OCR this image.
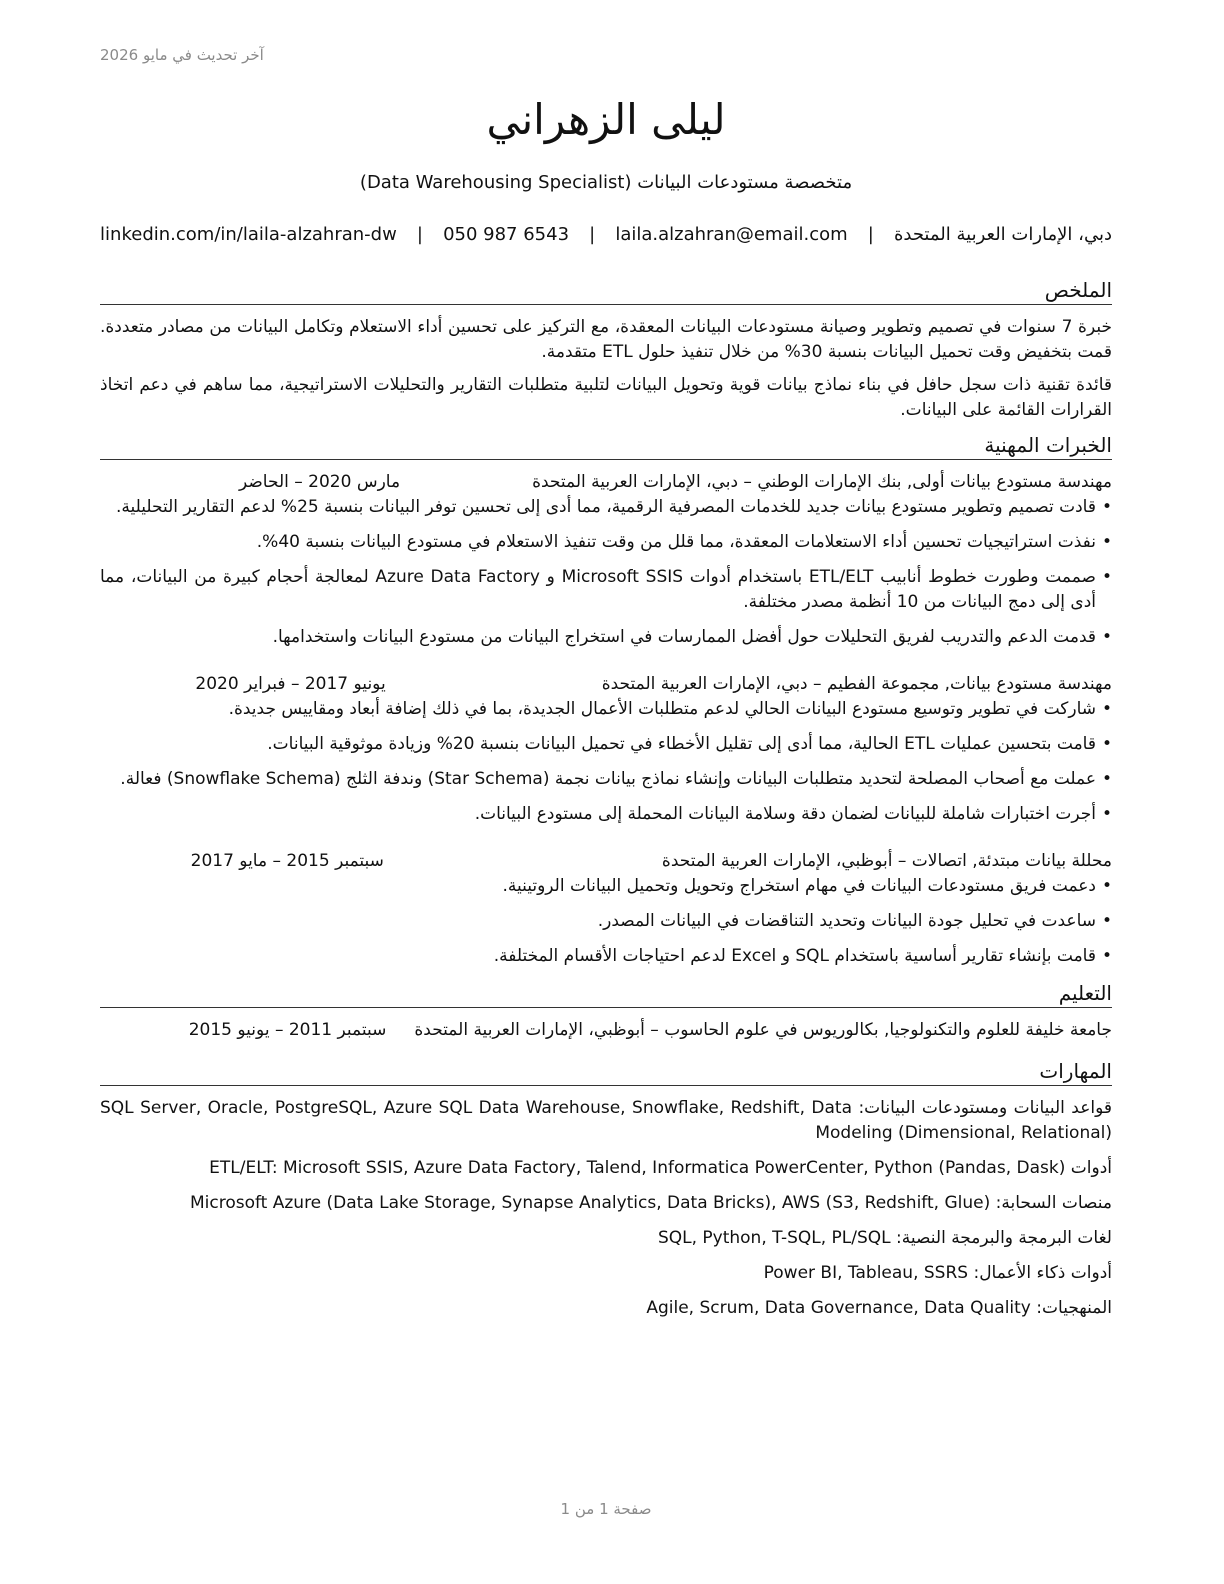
آخر تحديث في مايو 2026
ليلى الزهراني
متخصصة مستودعات البيانات (Data Warehousing Specialist)
دبي، الإمارات العربية المتحدة
|
laila.alzahran@email.com
|
050 987 6543
|
linkedin.com/in/laila-alzahran-dw
الملخص

خبرة 7 سنوات في تصميم وتطوير وصيانة مستودعات البيانات المعقدة، مع التركيز على تحسين أداء الاستعلام وتكامل البيانات من مصادر متعددة. قمت بتخفيض وقت تحميل البيانات بنسبة 30% من خلال تنفيذ حلول ETL متقدمة.

قائدة تقنية ذات سجل حافل في بناء نماذج بيانات قوية وتحويل البيانات لتلبية متطلبات التقارير والتحليلات الاستراتيجية، مما ساهم في دعم اتخاذ القرارات القائمة على البيانات.

الخبرات المهنية
مهندسة مستودع بيانات أولى, بنك الإمارات الوطني – دبي، الإمارات العربية المتحدة
مارس 2020 – الحاضر
• قادت تصميم وتطوير مستودع بيانات جديد للخدمات المصرفية الرقمية، مما أدى إلى تحسين توفر البيانات بنسبة 25% لدعم التقارير التحليلية.
• نفذت استراتيجيات تحسين أداء الاستعلامات المعقدة، مما قلل من وقت تنفيذ الاستعلام في مستودع البيانات بنسبة 40%.
• صممت وطورت خطوط أنابيب ETL/ELT باستخدام أدوات Microsoft SSIS و Azure Data Factory لمعالجة أحجام كبيرة من البيانات، مما أدى إلى دمج البيانات من 10 أنظمة مصدر مختلفة.
• قدمت الدعم والتدريب لفريق التحليلات حول أفضل الممارسات في استخراج البيانات من مستودع البيانات واستخدامها.
مهندسة مستودع بيانات, مجموعة الفطيم – دبي، الإمارات العربية المتحدة
يونيو 2017 – فبراير 2020
• شاركت في تطوير وتوسيع مستودع البيانات الحالي لدعم متطلبات الأعمال الجديدة، بما في ذلك إضافة أبعاد ومقاييس جديدة.
• قامت بتحسين عمليات ETL الحالية، مما أدى إلى تقليل الأخطاء في تحميل البيانات بنسبة 20% وزيادة موثوقية البيانات.
• عملت مع أصحاب المصلحة لتحديد متطلبات البيانات وإنشاء نماذج بيانات نجمة (Star Schema) وندفة الثلج (Snowflake Schema) فعالة.
• أجرت اختبارات شاملة للبيانات لضمان دقة وسلامة البيانات المحملة إلى مستودع البيانات.
محللة بيانات مبتدئة, اتصالات – أبوظبي، الإمارات العربية المتحدة
سبتمبر 2015 – مايو 2017
• دعمت فريق مستودعات البيانات في مهام استخراج وتحويل وتحميل البيانات الروتينية.
• ساعدت في تحليل جودة البيانات وتحديد التناقضات في البيانات المصدر.
• قامت بإنشاء تقارير أساسية باستخدام SQL و Excel لدعم احتياجات الأقسام المختلفة.
التعليم
جامعة خليفة للعلوم والتكنولوجيا, بكالوريوس في علوم الحاسوب – أبوظبي، الإمارات العربية المتحدة
سبتمبر 2011 – يونيو 2015
المهارات
قواعد البيانات ومستودعات البيانات: SQL Server, Oracle, PostgreSQL, Azure SQL Data Warehouse, Snowflake, Redshift, Data Modeling (Dimensional, Relational)
أدوات ETL/ELT: Microsoft SSIS, Azure Data Factory, Talend, Informatica PowerCenter, Python (Pandas, Dask)
منصات السحابة: Microsoft Azure (Data Lake Storage, Synapse Analytics, Data Bricks), AWS (S3, Redshift, Glue)
لغات البرمجة والبرمجة النصية: SQL, Python, T-SQL, PL/SQL
أدوات ذكاء الأعمال: Power BI, Tableau, SSRS
المنهجيات: Agile, Scrum, Data Governance, Data Quality
صفحة 1 من 1
